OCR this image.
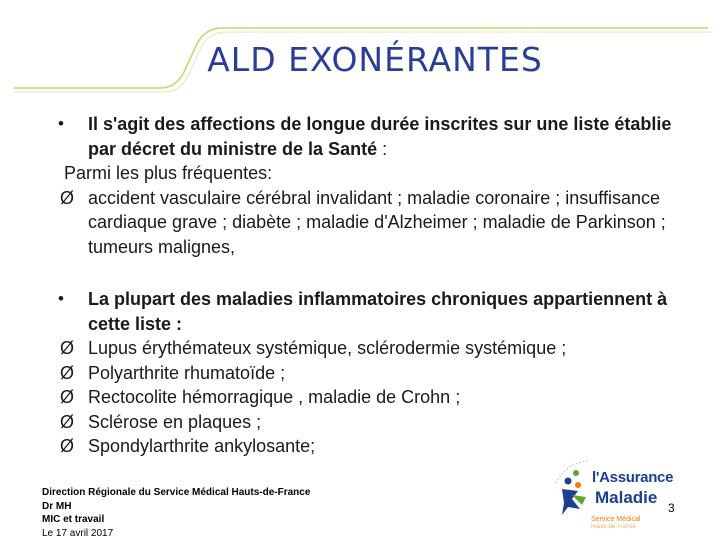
ALD EXONÉRANTES
•	Il s'agit des affections de longue durée inscrites sur une liste établie par décret du ministre de la Santé :
Parmi les plus fréquentes:
Ø accident vasculaire cérébral invalidant ; maladie coronaire ; insuffisance cardiaque grave ; diabète ; maladie d'Alzheimer ; maladie de Parkinson ; tumeurs malignes,
•	La plupart des maladies inflammatoires chroniques appartiennent à cette liste :
Ø Lupus érythémateux systémique, sclérodermie systémique ;
Ø Polyarthrite rhumatoïde ;
Ø Rectocolite hémorragique , maladie de Crohn ;
Ø Sclérose en plaques ;
Ø Spondylarthrite ankylosante;
Direction Régionale du Service Médical Hauts-de-France
Dr MH
MIC et travail
Le 17 avril 2017
l'Assurance
Maladie
Service Médical
Hauts-de-France
3
